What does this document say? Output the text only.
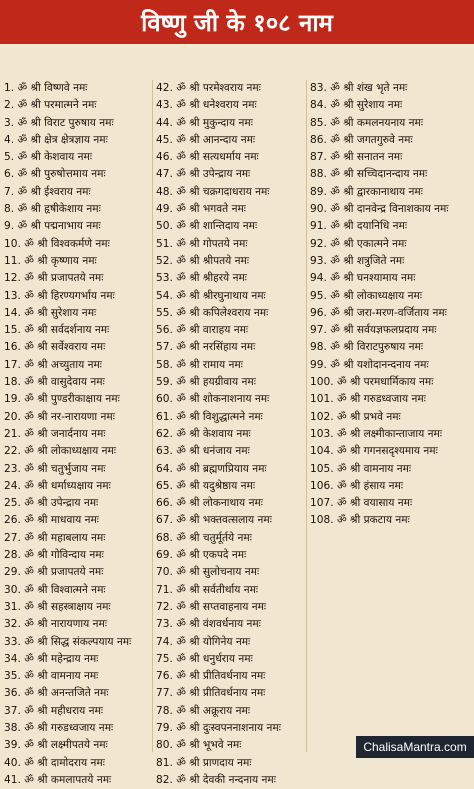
विष्णु जी के १०८ नाम
1. ॐ श्री विष्णवे नमः
2. ॐ श्री परमात्मने नमः
3. ॐ श्री विराट पुरुषाय नमः
4. ॐ श्री क्षेत्र क्षेत्रज्ञाय नमः
5. ॐ श्री केशवाय नमः
6. ॐ श्री पुरुषोत्तमाय नमः
7. ॐ श्री ईश्वराय नमः
8. ॐ श्री हृषीकेशाय नमः
9. ॐ श्री पद्मनाभाय नमः
10. ॐ श्री विश्वकर्मणे नमः
11. ॐ श्री कृष्णाय नमः
12. ॐ श्री प्रजापतये नमः
13. ॐ श्री हिरण्यगर्भाय नमः
14. ॐ श्री सुरेशाय नमः
15. ॐ श्री सर्वदर्शनाय नमः
16. ॐ श्री सर्वेश्वराय नमः
17. ॐ श्री अच्युताय नमः
18. ॐ श्री वासुदेवाय नमः
19. ॐ श्री पुण्डरीकाक्षाय नमः
20. ॐ श्री नर-नारायणा नमः
21. ॐ श्री जनार्दनाय नमः
22. ॐ श्री लोकाध्यक्षाय नमः
23. ॐ श्री चतुर्भुजाय नमः
24. ॐ श्री धर्माध्यक्षाय नमः
25. ॐ श्री उपेन्द्राय नमः
26. ॐ श्री माधवाय नमः
27. ॐ श्री महाबलाय नमः
28. ॐ श्री गोविन्दाय नमः
29. ॐ श्री प्रजापतये नमः
30. ॐ श्री विश्वात्मने नमः
31. ॐ श्री सहस्त्राक्षाय नमः
32. ॐ श्री नारायणाय नमः
33. ॐ श्री सिद्ध संकल्पयाय नमः
34. ॐ श्री महेन्द्राय नमः
35. ॐ श्री वामनाय नमः
36. ॐ श्री अनन्तजिते नमः
37. ॐ श्री महीधराय नमः
38. ॐ श्री गरुडध्वजाय नमः
39. ॐ श्री लक्ष्मीपतये नमः
40. ॐ श्री दामोदराय नमः
41. ॐ श्री कमलापतये नमः
42. ॐ श्री परमेश्वराय नमः
43. ॐ श्री धनेश्वराय नमः
44. ॐ श्री मुकुन्दाय नमः
45. ॐ श्री आनन्दाय नमः
46. ॐ श्री सत्यधर्माय नमः
47. ॐ श्री उपेन्द्राय नमः
48. ॐ श्री चक्रगदाधराय नमः
49. ॐ श्री भगवते नमः
50. ॐ श्री शान्तिदाय नमः
51. ॐ श्री गोपतये नमः
52. ॐ श्री श्रीपतये नमः
53. ॐ श्री श्रीहरये नमः
54. ॐ श्री श्रीरघुनाथाय नमः
55. ॐ श्री कपिलेश्वराय नमः
56. ॐ श्री वाराहय नमः
57. ॐ श्री नरसिंहाय नमः
58. ॐ श्री रामाय नमः
59. ॐ श्री हयग्रीवाय नमः
60. ॐ श्री शोकनाशनाय नमः
61. ॐ श्री विशुद्धात्मने नमः
62. ॐ श्री केशवाय नमः
63. ॐ श्री धनंजाय नमः
64. ॐ श्री ब्रह्मणप्रियाय नमः
65. ॐ श्री यदुश्रेष्ठाय नमः
66. ॐ श्री लोकनाथाय नमः
67. ॐ श्री भक्तवत्सलाय नमः
68. ॐ श्री चतुर्मूर्तये नमः
69. ॐ श्री एकपदे नमः
70. ॐ श्री सुलोचनाय नमः
71. ॐ श्री सर्वतीर्थाय नमः
72. ॐ श्री सप्तवाहनाय नमः
73. ॐ श्री वंशवर्धनाय नमः
74. ॐ श्री योगिनेय नमः
75. ॐ श्री धनुर्धराय नमः
76. ॐ श्री प्रीतिवर्धनाय नमः
77. ॐ श्री प्रीतिवर्धनाय नमः
78. ॐ श्री अक्रूराय नमः
79. ॐ श्री दुःस्वपननाशनाय नमः
80. ॐ श्री भूभवे नमः
81. ॐ श्री प्राणदाय नमः
82. ॐ श्री देवकी नन्दनाय नमः
83. ॐ श्री शंख भृते नमः
84. ॐ श्री सुरेशाय नमः
85. ॐ श्री कमलनयनाय नमः
86. ॐ श्री जगतगुरुवे नमः
87. ॐ श्री सनातन नमः
88. ॐ श्री सच्चिदानन्दाय नमः
89. ॐ श्री द्वारकानाथाय नमः
90. ॐ श्री दानवेन्द्र विनाशकाय नमः
91. ॐ श्री दयानिधि नमः
92. ॐ श्री एकात्मने नमः
93. ॐ श्री शत्रुजिते नमः
94. ॐ श्री घनश्यामाय नमः
95. ॐ श्री लोकाध्यक्षाय नमः
96. ॐ श्री जरा-मरण-वर्जिताय नमः
97. ॐ श्री सर्वयज्ञफलप्रदाय नमः
98. ॐ श्री विराटपुरुषाय नमः
99. ॐ श्री यशोदानन्दनाय नमः
100. ॐ श्री परमधार्मिकाय नमः
101. ॐ श्री गरुडध्वजाय नमः
102. ॐ श्री प्रभवे नमः
103. ॐ श्री लक्ष्मीकान्ताजाय नमः
104. ॐ श्री गगनसदृश्यमाय नमः
105. ॐ श्री वामनाय नमः
106. ॐ श्री हंसाय नमः
107. ॐ श्री वयासाय नमः
108. ॐ श्री प्रकटाय नमः
ChalisaMantra.com
